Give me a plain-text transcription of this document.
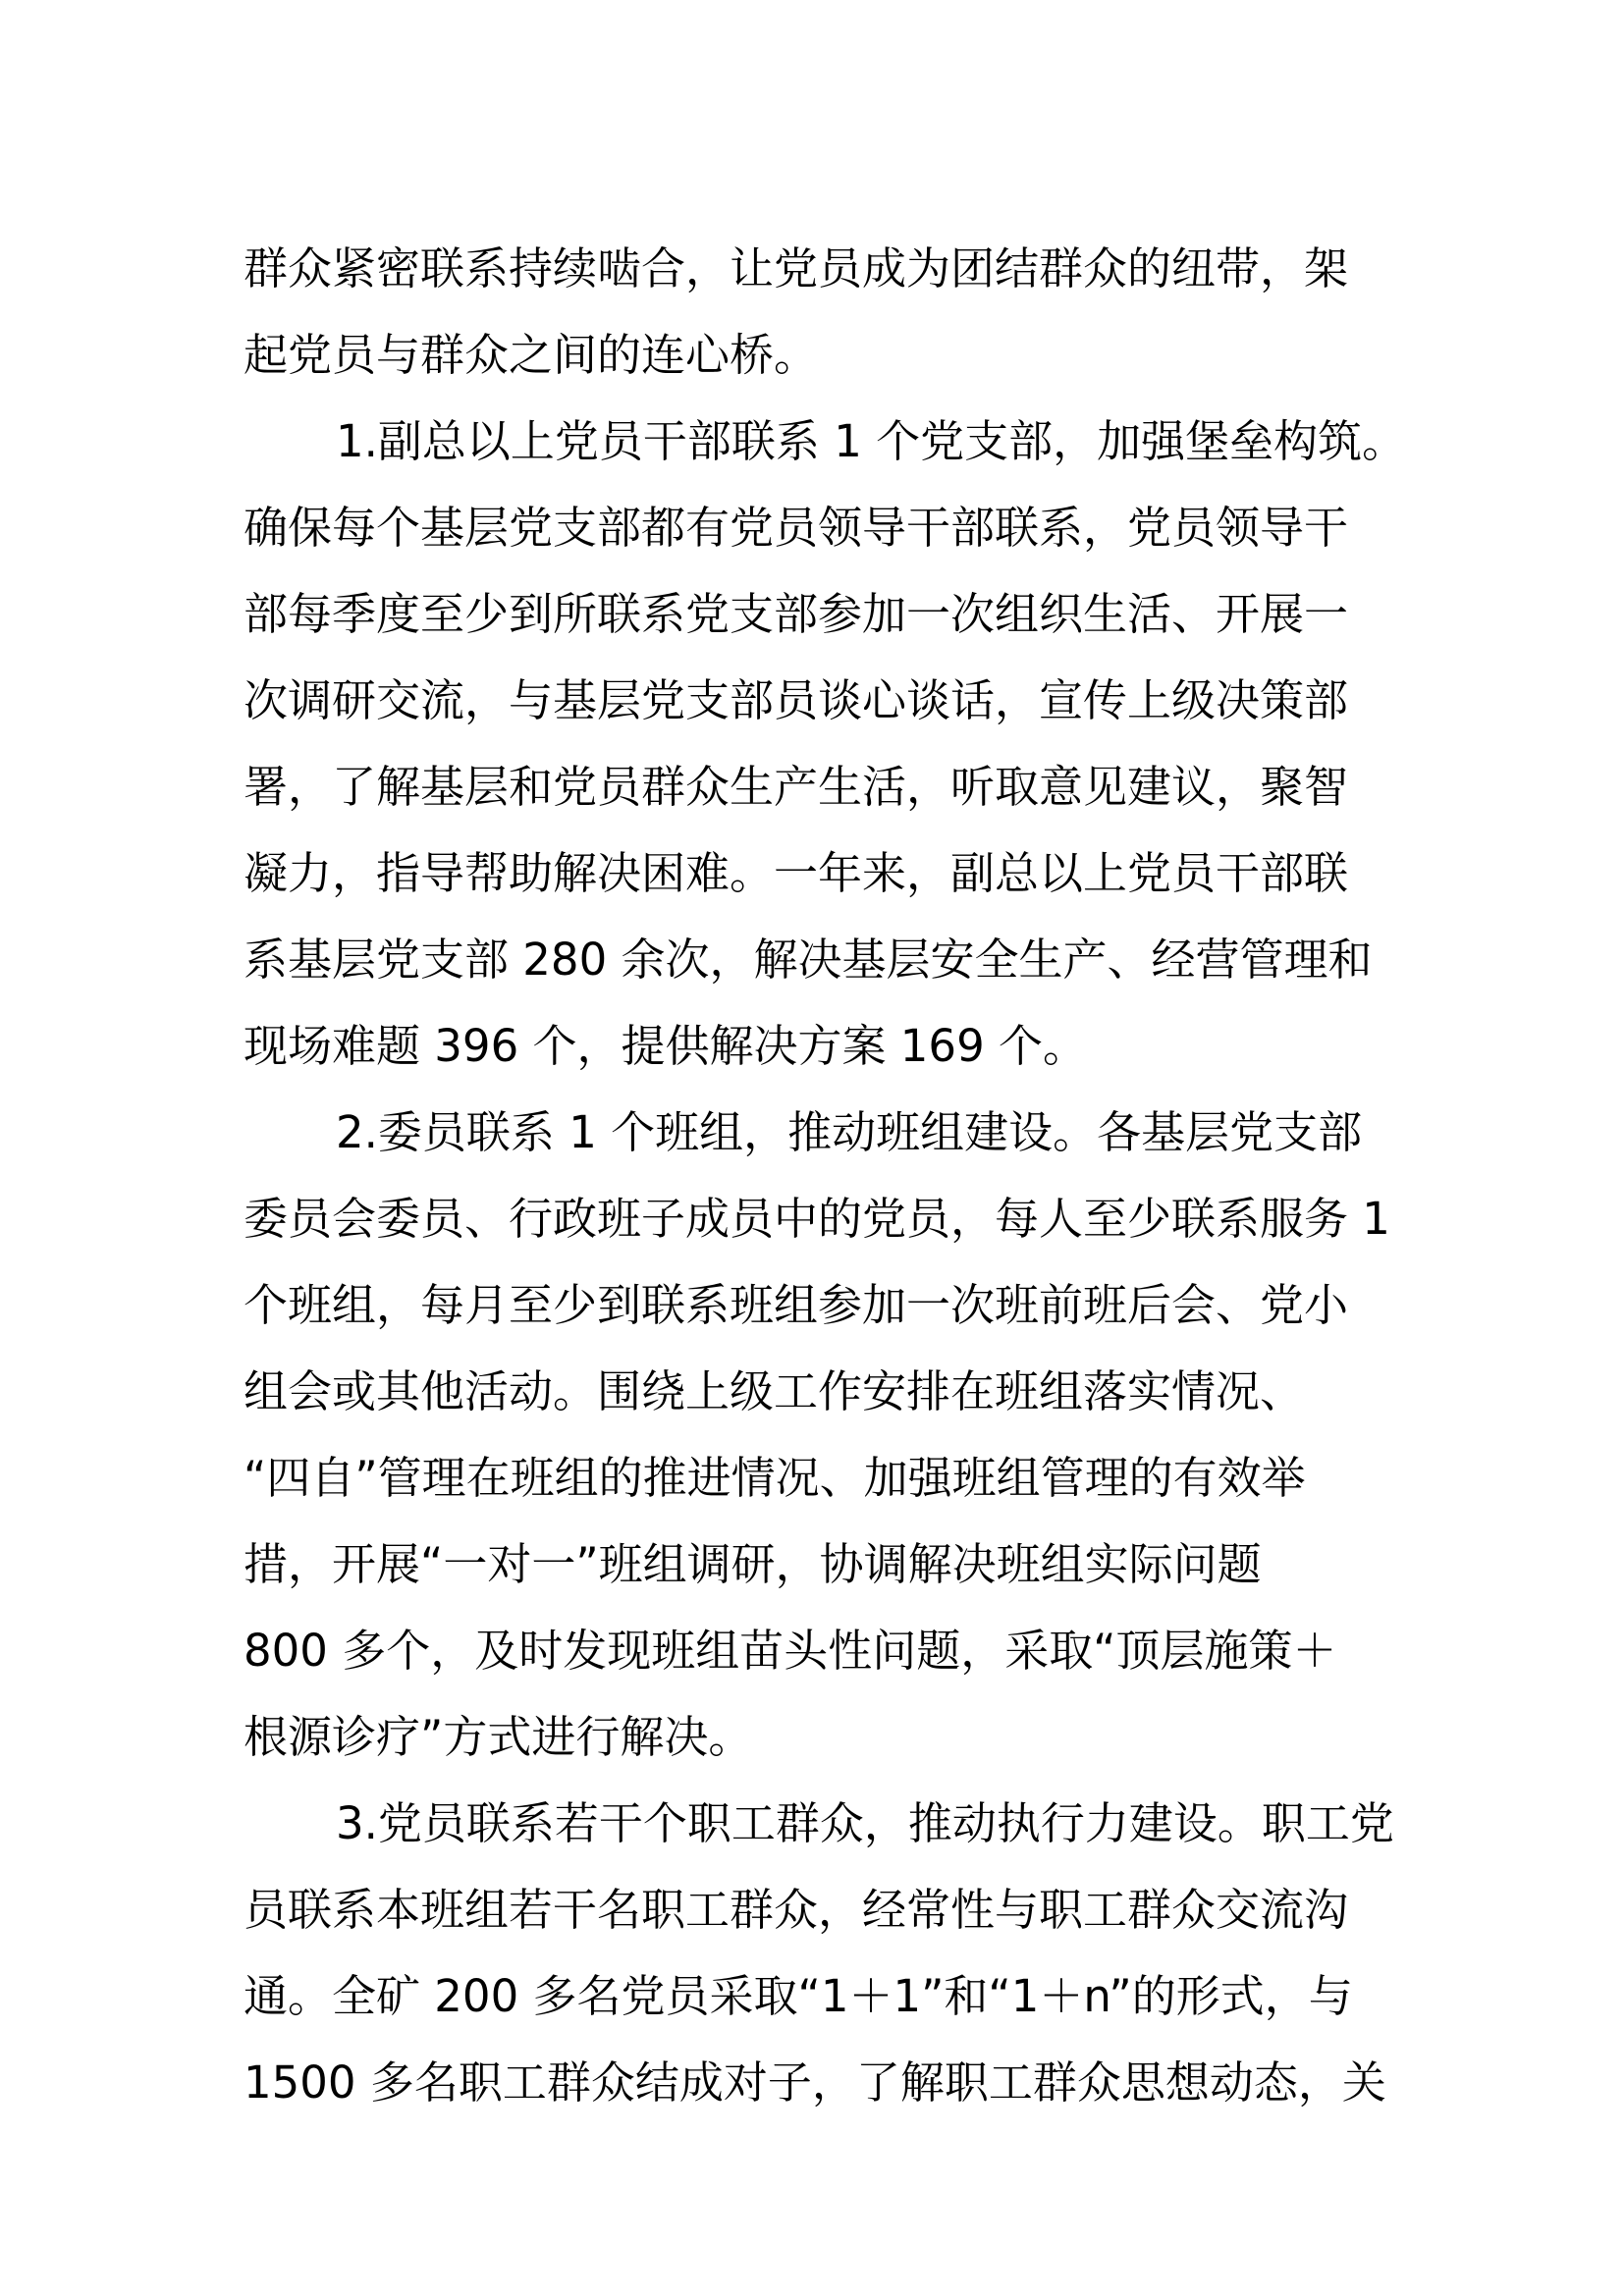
群众紧密联系持续啮合，让党员成为团结群众的纽带，架
起党员与群众之间的连心桥。
1.副总以上党员干部联系 1 个党支部，加强堡垒构筑。
确保每个基层党支部都有党员领导干部联系，党员领导干
部每季度至少到所联系党支部参加一次组织生活、开展一
次调研交流，与基层党支部员谈心谈话，宣传上级决策部
署，了解基层和党员群众生产生活，听取意见建议，聚智
凝力，指导帮助解决困难。一年来，副总以上党员干部联
系基层党支部 280 余次，解决基层安全生产、经营管理和
现场难题 396 个，提供解决方案 169 个。
2.委员联系 1 个班组，推动班组建设。各基层党支部
委员会委员、行政班子成员中的党员，每人至少联系服务 1
个班组，每月至少到联系班组参加一次班前班后会、党小
组会或其他活动。围绕上级工作安排在班组落实情况、
“四自”管理在班组的推进情况、加强班组管理的有效举
措，开展“一对一”班组调研，协调解决班组实际问题
800 多个，及时发现班组苗头性问题，采取“顶层施策＋
根源诊疗”方式进行解决。
3.党员联系若干个职工群众，推动执行力建设。职工党
员联系本班组若干名职工群众，经常性与职工群众交流沟
通。全矿 200 多名党员采取“1＋1”和“1＋n”的形式，与
1500 多名职工群众结成对子，了解职工群众思想动态，关
